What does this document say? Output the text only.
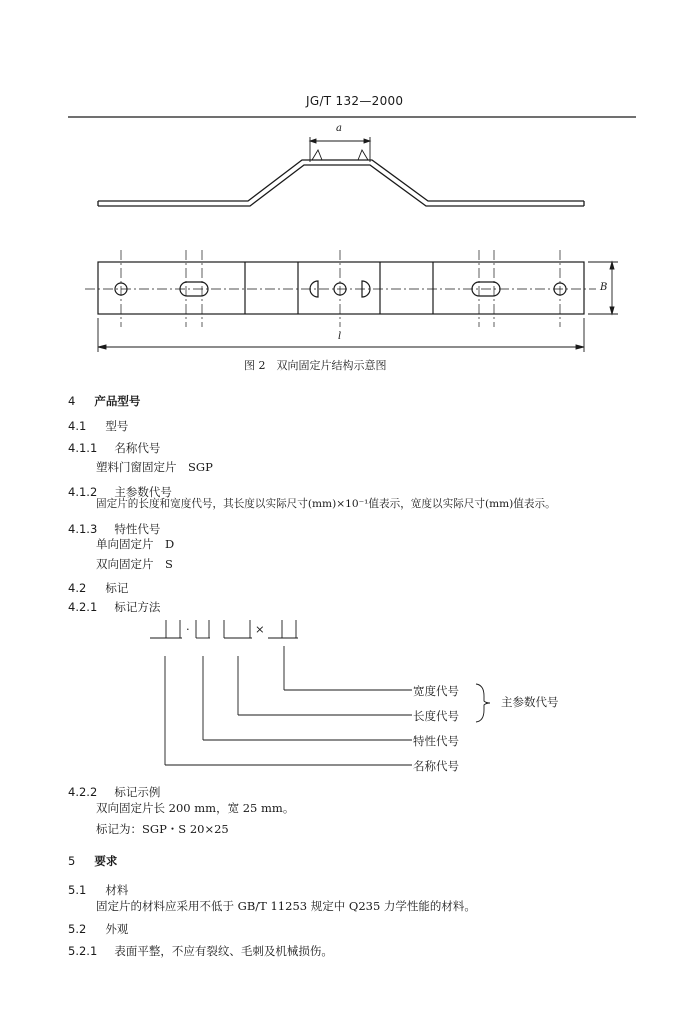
JG/T 132—2000
a
B
l
图 2　双向固定片结构示意图
4 产品型号
4.1 型号
4.1.1 名称代号
塑料门窗固定片　SGP
4.1.2 主参数代号
固定片的长度和宽度代号，其长度以实际尺寸(mm)×10⁻¹值表示，宽度以实际尺寸(mm)值表示。
4.1.3 特性代号
单向固定片　D
双向固定片　S
4.2 标记
4.2.1 标记方法
·	×
宽度代号
长度代号
特性代号
名称代号
主参数代号
4.2.2 标记示例
双向固定片长 200 mm，宽 25 mm。
标记为：SGP・S 20×25
5 要求
5.1 材料
固定片的材料应采用不低于 GB/T 11253 规定中 Q235 力学性能的材料。
5.2 外观
5.2.1 表面平整，不应有裂纹、毛刺及机械损伤。
